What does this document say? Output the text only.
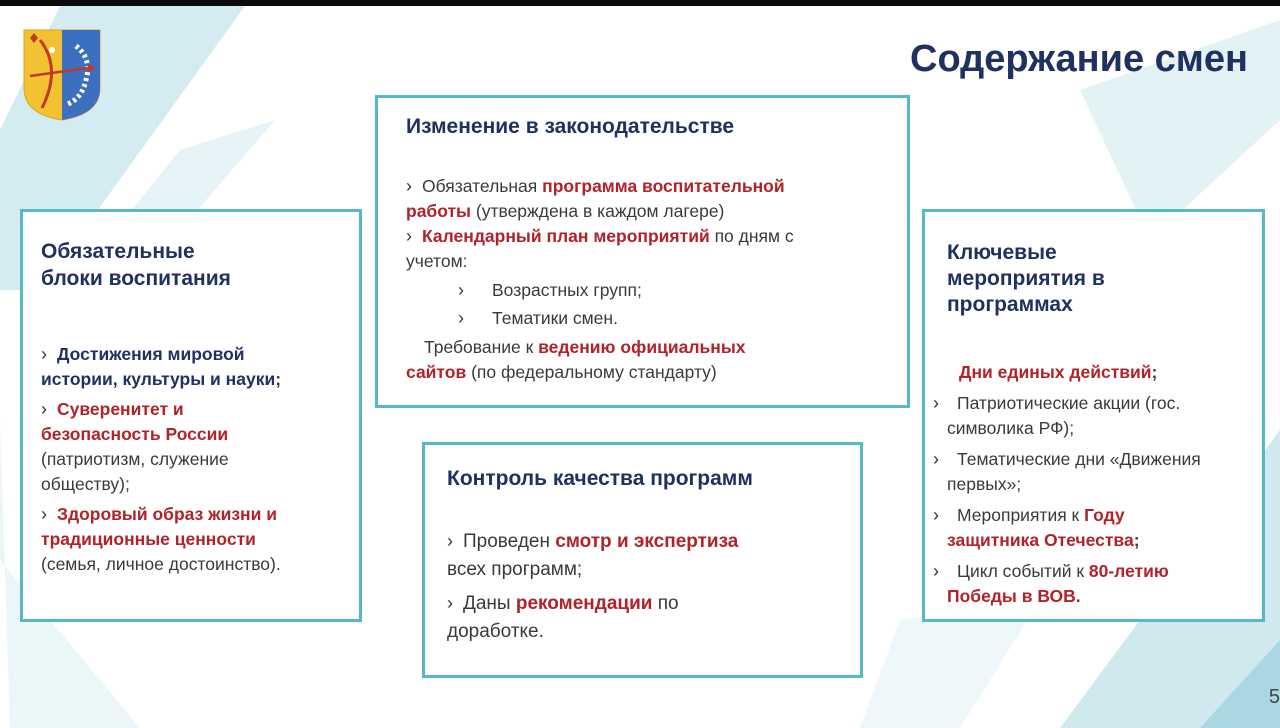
Содержание смен
Обязательные
блоки воспитания
› Достижения мировой
истории, культуры и науки;
› Суверенитет и
безопасность России
(патриотизм, служение
обществу);
› Здоровый образ жизни и
традиционные ценности
(семья, личное достоинство).
Изменение в законодательстве
› Обязательная программа воспитательной
работы (утверждена в каждом лагере)
› Календарный план мероприятий по дням с
учетом:
› Возрастных групп;
› Тематики смен.
Требование к ведению официальных
сайтов (по федеральному стандарту)
Контроль качества программ
› Проведен смотр и экспертиза
всех программ;
› Даны рекомендации по
доработке.
Ключевые
мероприятия в
программах
Дни единых действий;
› Патриотические акции (гос.
символика РФ);
› Тематические дни «Движения
первых»;
› Мероприятия к Году
защитника Отечества;
› Цикл событий к 80-летию
Победы в ВОВ.
5
